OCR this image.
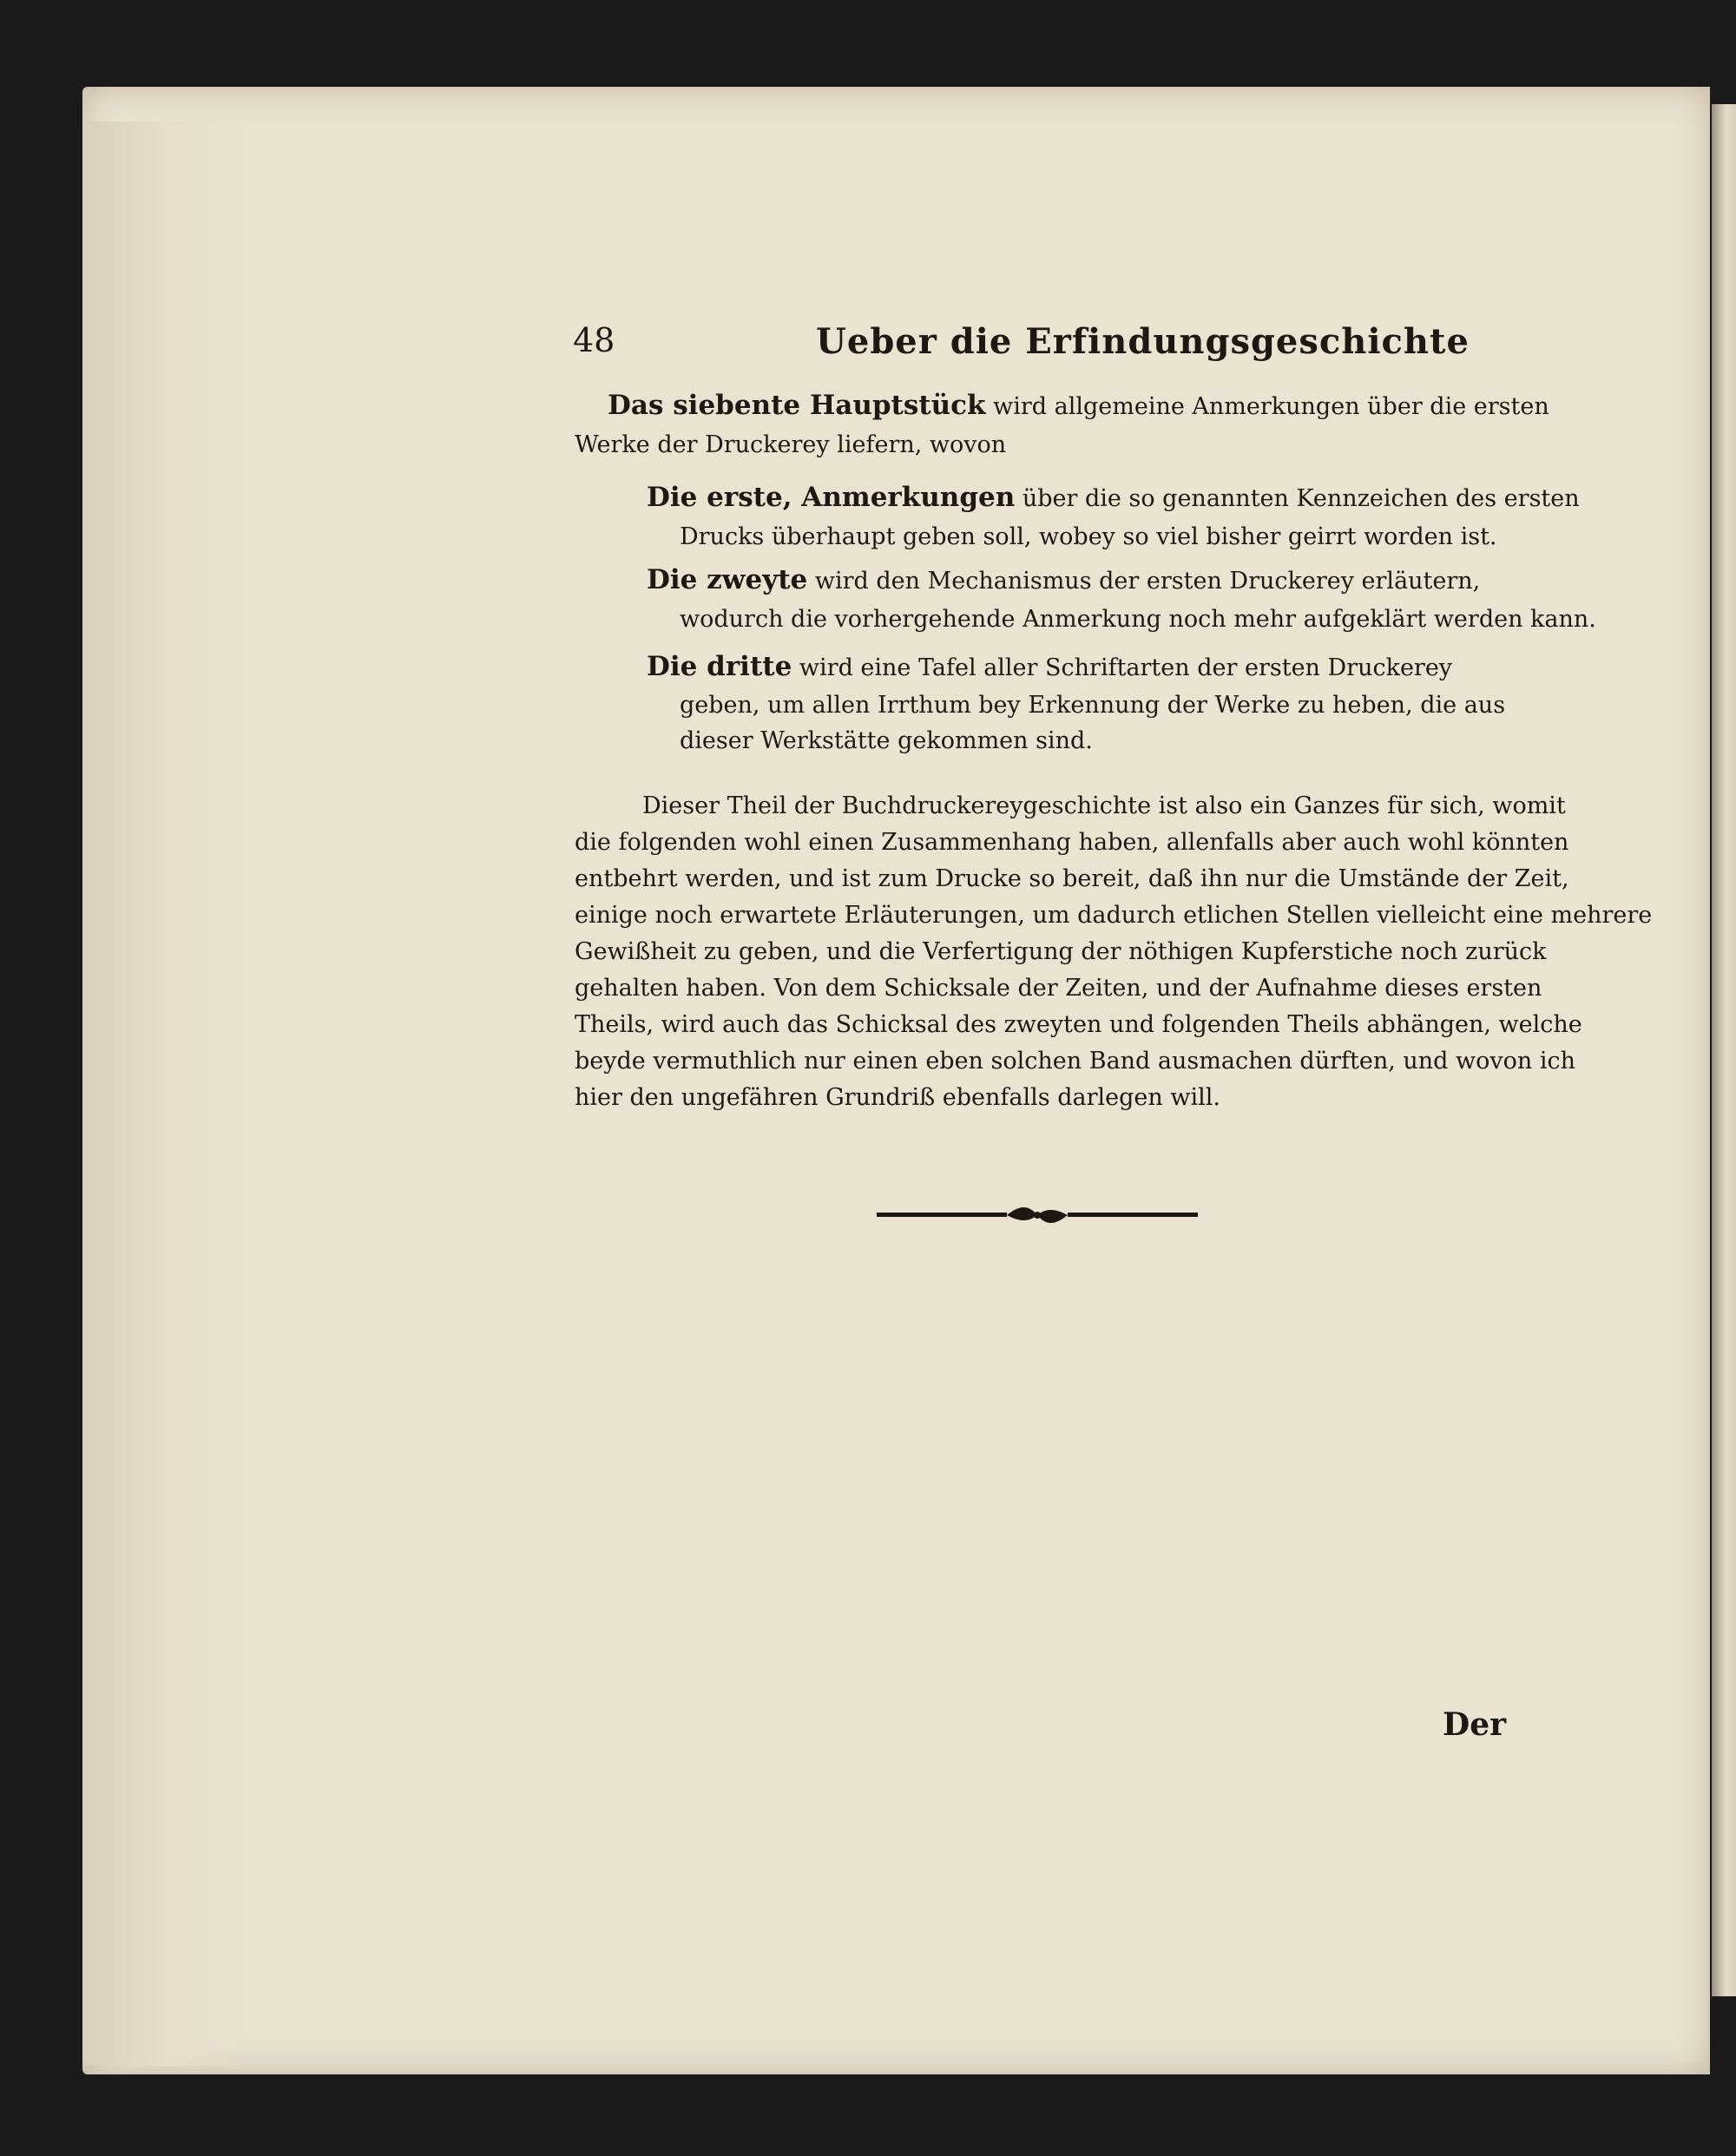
48	Ueber die Erfindungsgeschichte
Das siebente Hauptstück wird allgemeine Anmerkungen über die ersten
Werke der Druckerey liefern, wovon
Die erste, Anmerkungen über die so genannten Kennzeichen des ersten
Drucks überhaupt geben soll, wobey so viel bisher geirrt worden ist.
Die zweyte wird den Mechanismus der ersten Druckerey erläutern,
wodurch die vorhergehende Anmerkung noch mehr aufgeklärt werden kann.
Die dritte wird eine Tafel aller Schriftarten der ersten Druckerey
geben, um allen Irrthum bey Erkennung der Werke zu heben, die aus
dieser Werkstätte gekommen sind.
Dieser Theil der Buchdruckereygeschichte ist also ein Ganzes für sich, womit
die folgenden wohl einen Zusammenhang haben, allenfalls aber auch wohl könnten
entbehrt werden, und ist zum Drucke so bereit, daß ihn nur die Umstände der Zeit,
einige noch erwartete Erläuterungen, um dadurch etlichen Stellen vielleicht eine mehrere
Gewißheit zu geben, und die Verfertigung der nöthigen Kupferstiche noch zurück
gehalten haben. Von dem Schicksale der Zeiten, und der Aufnahme dieses ersten
Theils, wird auch das Schicksal des zweyten und folgenden Theils abhängen, welche
beyde vermuthlich nur einen eben solchen Band ausmachen dürften, und wovon ich
hier den ungefähren Grundriß ebenfalls darlegen will.
Der
